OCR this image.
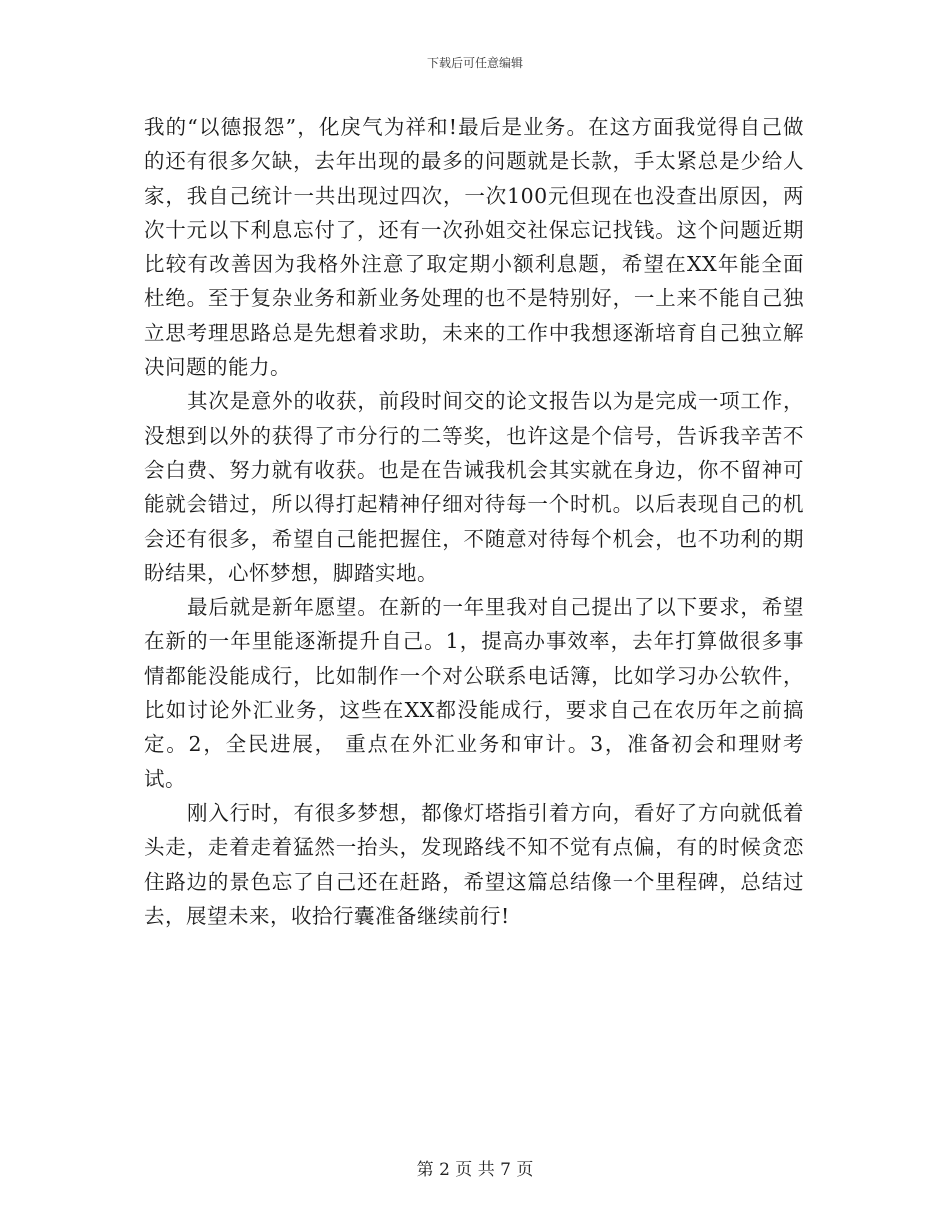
下载后可任意编辑

我的“以德报怨”，化戾气为祥和!最后是业务。在这方面我觉得自己做的还有很多欠缺，去年出现的最多的问题就是长款，手太紧总是少给人家，我自己统计一共出现过四次，一次100元但现在也没查出原因，两次十元以下利息忘付了，还有一次孙姐交社保忘记找钱。这个问题近期比较有改善因为我格外注意了取定期小额利息题，希望在XX年能全面杜绝。至于复杂业务和新业务处理的也不是特别好，一上来不能自己独立思考理思路总是先想着求助，未来的工作中我想逐渐培育自己独立解决问题的能力。

其次是意外的收获，前段时间交的论文报告以为是完成一项工作，没想到以外的获得了市分行的二等奖，也许这是个信号，告诉我辛苦不 会白费、努力就有收获。也是在告诫我机会其实就在身边，你不留神可能就会错过，所以得打起精神仔细对待每一个时机。以后表现自己的机会还有很多，希望自己能把握住，不随意对待每个机会，也不功利的期盼结果，心怀梦想，脚踏实地。

最后就是新年愿望。在新的一年里我对自己提出了以下要求，希望在新的一年里能逐渐提升自己。1，提高办事效率，去年打算做很多事情都能没能成行，比如制作一个对公联系电话簿，比如学习办公软件，比如讨论外汇业务，这些在XX都没能成行，要求自己在农历年之前搞定。2，全民进展， 重点在外汇业务和审计。3，准备初会和理财考试。

刚入行时，有很多梦想，都像灯塔指引着方向，看好了方向就低着头走，走着走着猛然一抬头，发现路线不知不觉有点偏，有的时候贪恋住路边的景色忘了自己还在赶路，希望这篇总结像一个里程碑，总结过去，展望未来，收拾行囊准备继续前行!

第 2 页 共 7 页
